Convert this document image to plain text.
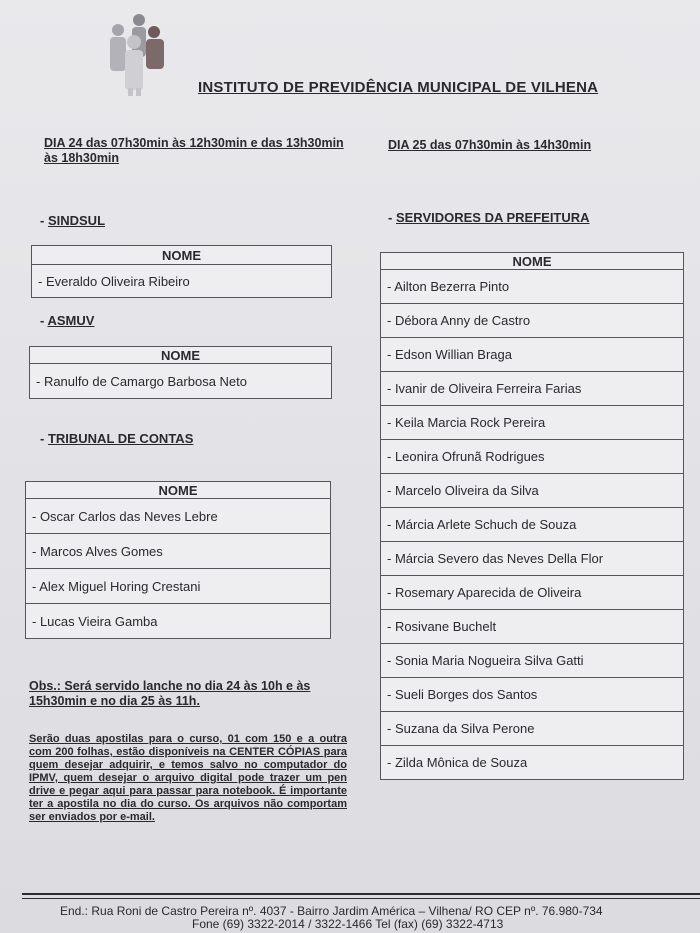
INSTITUTO DE PREVIDÊNCIA MUNICIPAL DE VILHENA
DIA 24 das 07h30min às 12h30min e das 13h30min às 18h30min
DIA 25 das 07h30min às 14h30min
- SINDSUL
NOME
- Everaldo Oliveira Ribeiro
- ASMUV
NOME
- Ranulfo de Camargo Barbosa Neto
- TRIBUNAL DE CONTAS
NOME
- Oscar Carlos das Neves Lebre
- Marcos Alves Gomes
- Alex Miguel Horing Crestani
- Lucas Vieira Gamba
- SERVIDORES DA PREFEITURA
NOME
- Ailton Bezerra Pinto
- Débora Anny de Castro
- Edson Willian Braga
- Ivanir de Oliveira Ferreira Farias
- Keila Marcia Rock Pereira
- Leonira Ofrunã Rodrigues
- Marcelo Oliveira da Silva
- Márcia Arlete Schuch de Souza
- Márcia Severo das Neves Della Flor
- Rosemary Aparecida de Oliveira
- Rosivane Buchelt
- Sonia Maria Nogueira Silva Gatti
- Sueli Borges dos Santos
- Suzana da Silva Perone
- Zilda Mônica de Souza
Obs.: Será servido lanche no dia 24 às 10h e às 15h30min e no dia 25 às 11h.
Serão duas apostilas para o curso, 01 com 150 e a outra com 200 folhas, estão disponíveis na CENTER CÓPIAS para quem desejar adquirir, e temos salvo no computador do IPMV, quem desejar o arquivo digital pode trazer um pen drive e pegar aqui para passar para notebook. É importante ter a apostila no dia do curso. Os arquivos não comportam ser enviados por e-mail.
End.: Rua Roni de Castro Pereira nº. 4037 - Bairro Jardim América – Vilhena/ RO CEP nº. 76.980-734
Fone (69) 3322-2014 / 3322-1466 Tel (fax) (69) 3322-4713
